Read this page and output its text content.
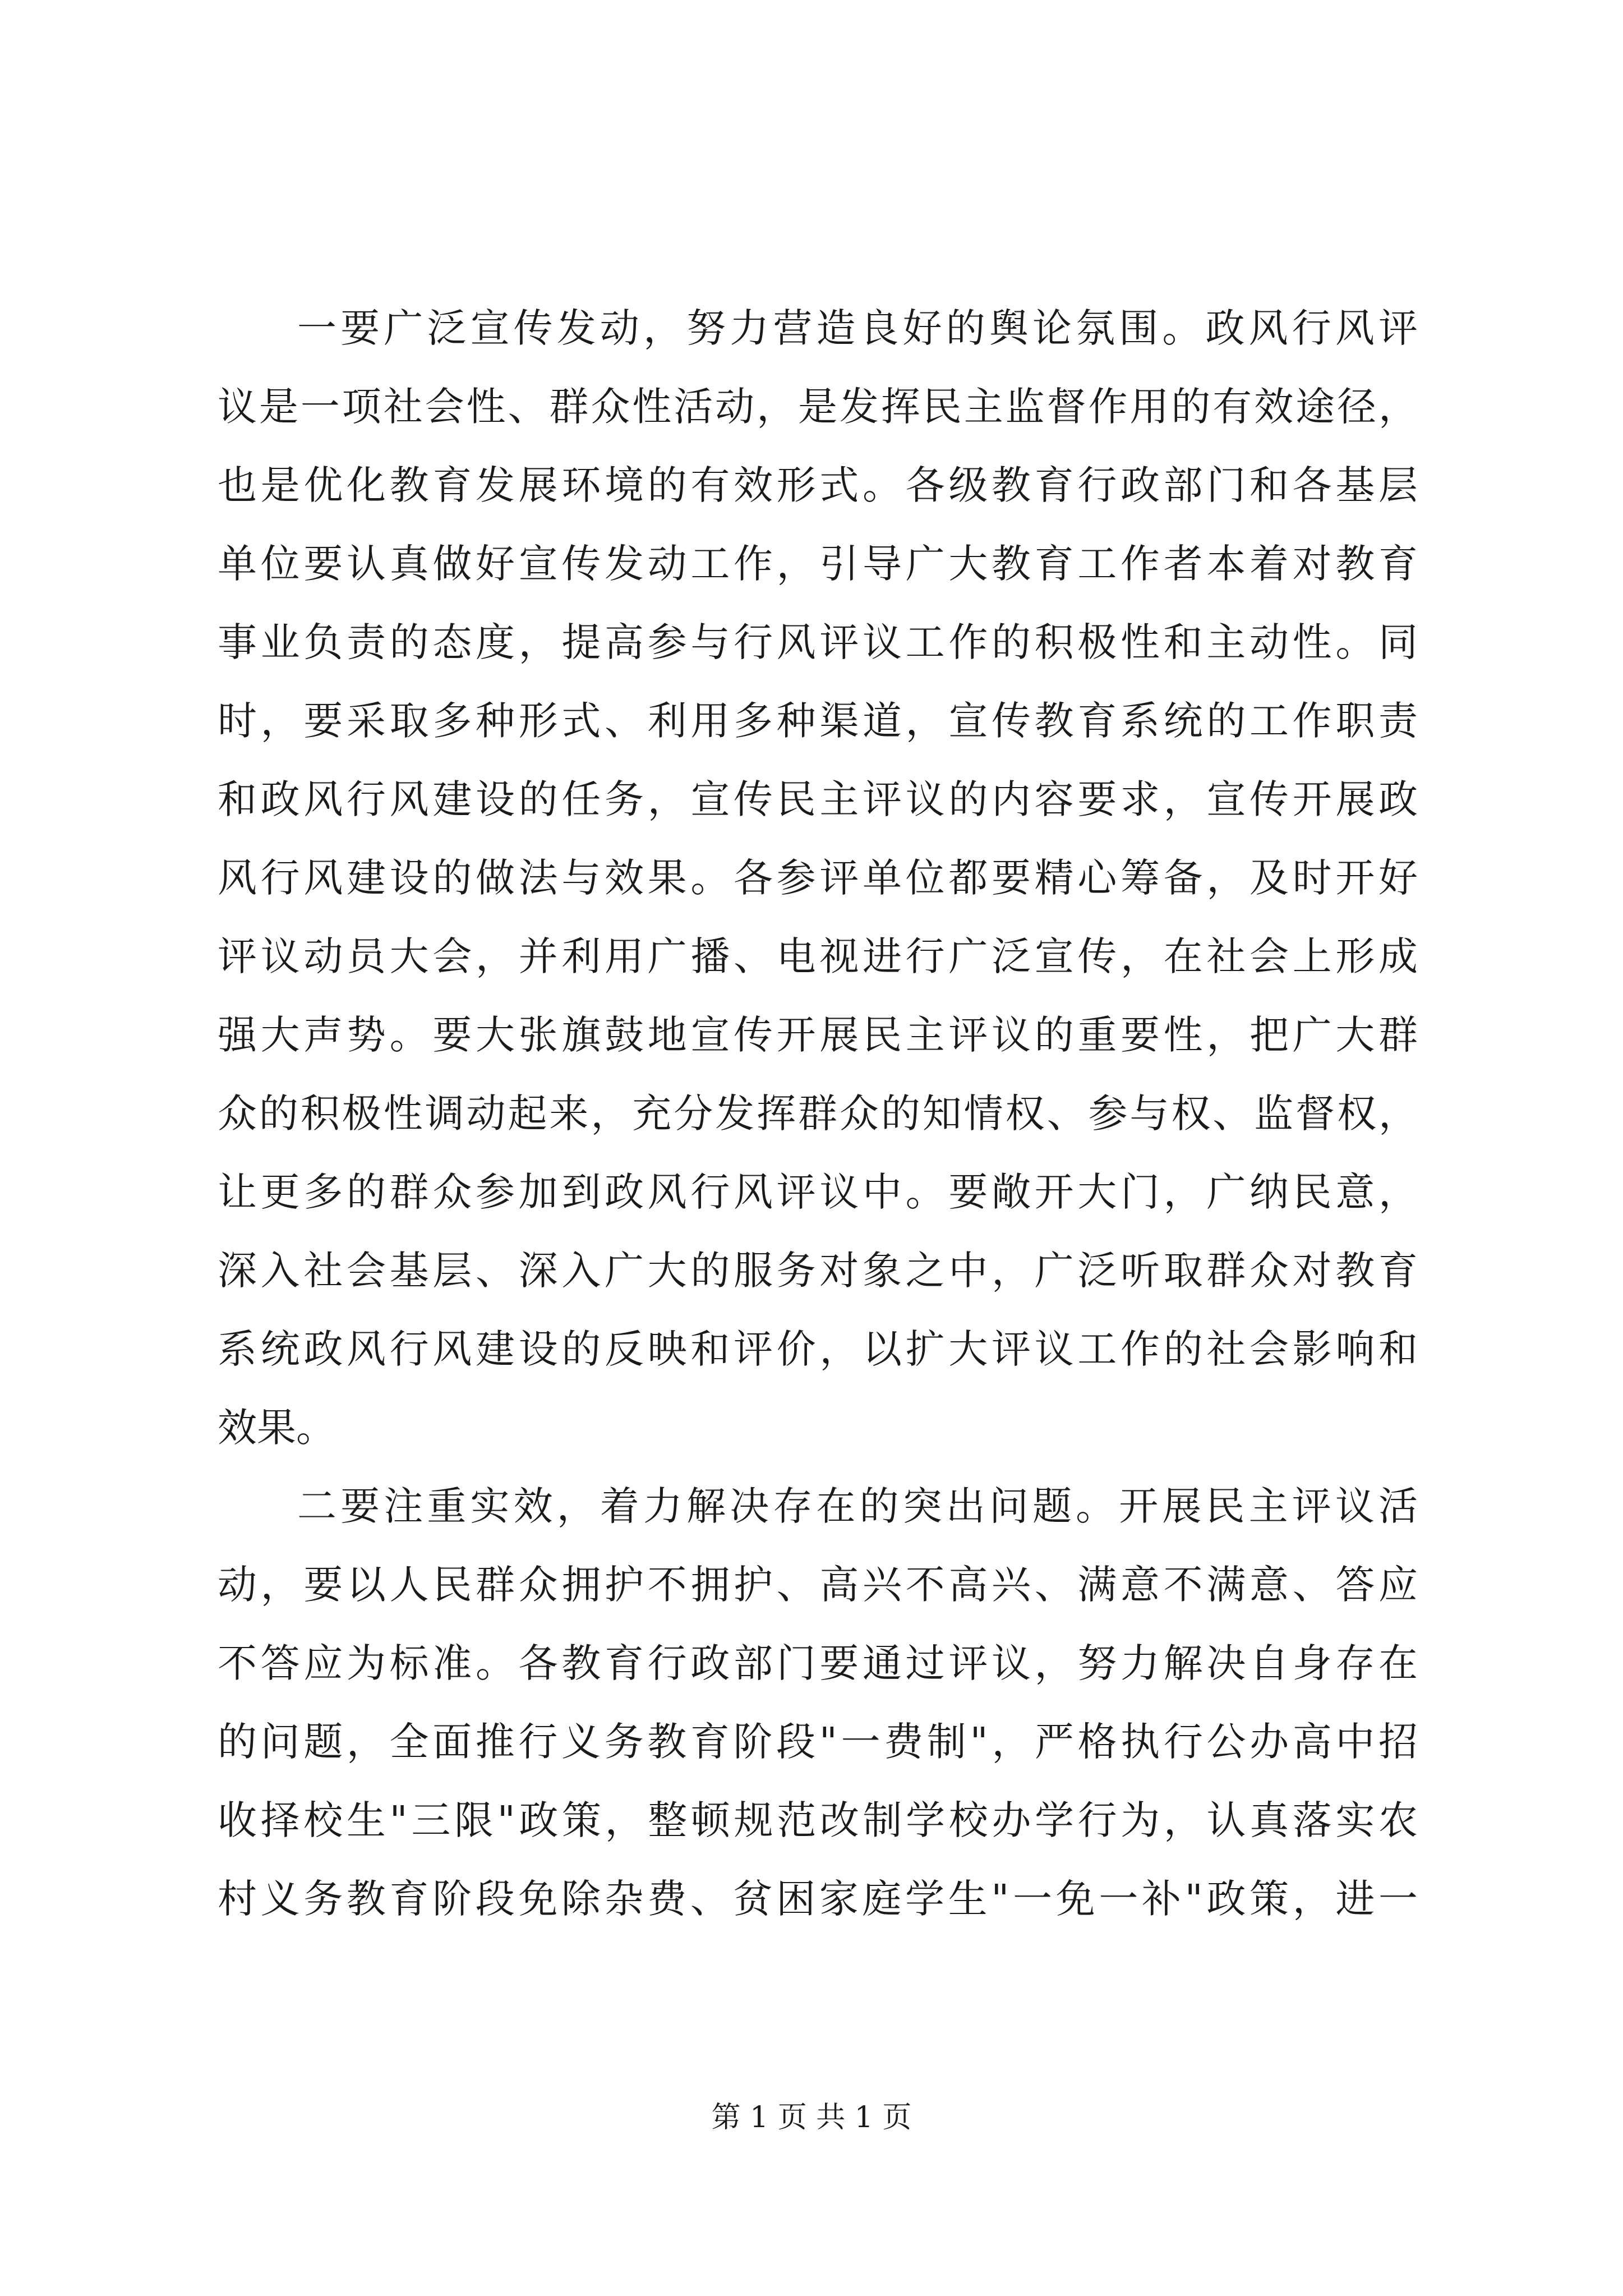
一要广泛宣传发动，努力营造良好的舆论氛围。政风行风评
议是一项社会性、群众性活动，是发挥民主监督作用的有效途径，
也是优化教育发展环境的有效形式。各级教育行政部门和各基层
单位要认真做好宣传发动工作，引导广大教育工作者本着对教育
事业负责的态度，提高参与行风评议工作的积极性和主动性。同
时，要采取多种形式、利用多种渠道，宣传教育系统的工作职责
和政风行风建设的任务，宣传民主评议的内容要求，宣传开展政
风行风建设的做法与效果。各参评单位都要精心筹备，及时开好
评议动员大会，并利用广播、电视进行广泛宣传，在社会上形成
强大声势。要大张旗鼓地宣传开展民主评议的重要性，把广大群
众的积极性调动起来，充分发挥群众的知情权、参与权、监督权，
让更多的群众参加到政风行风评议中。要敞开大门，广纳民意，
深入社会基层、深入广大的服务对象之中，广泛听取群众对教育
系统政风行风建设的反映和评价，以扩大评议工作的社会影响和
效果。
二要注重实效，着力解决存在的突出问题。开展民主评议活
动，要以人民群众拥护不拥护、高兴不高兴、满意不满意、答应
不答应为标准。各教育行政部门要通过评议，努力解决自身存在
的问题，全面推行义务教育阶段"一费制"，严格执行公办高中招
收择校生"三限"政策，整顿规范改制学校办学行为，认真落实农
村义务教育阶段免除杂费、贫困家庭学生"一免一补"政策，进一
第 1 页 共 1 页
